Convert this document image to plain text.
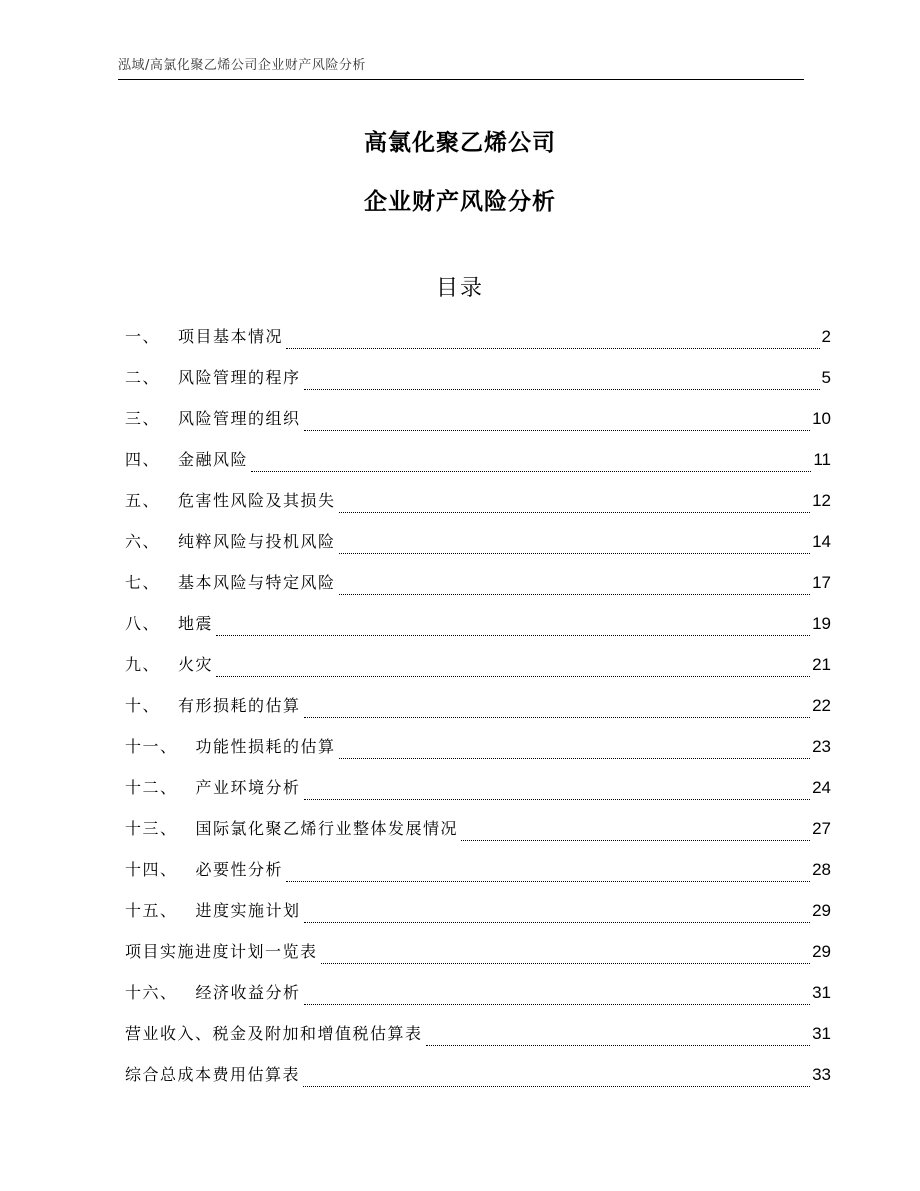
泓域/高氯化聚乙烯公司企业财产风险分析
高氯化聚乙烯公司
企业财产风险分析
目录
一、 项目基本情况	2
二、 风险管理的程序	5
三、 风险管理的组织	10
四、 金融风险	11
五、 危害性风险及其损失	12
六、 纯粹风险与投机风险	14
七、 基本风险与特定风险	17
八、 地震	19
九、 火灾	21
十、 有形损耗的估算	22
十一、 功能性损耗的估算	23
十二、 产业环境分析	24
十三、 国际氯化聚乙烯行业整体发展情况	27
十四、 必要性分析	28
十五、 进度实施计划	29
项目实施进度计划一览表	29
十六、 经济收益分析	31
营业收入、税金及附加和增值税估算表	31
综合总成本费用估算表	33
